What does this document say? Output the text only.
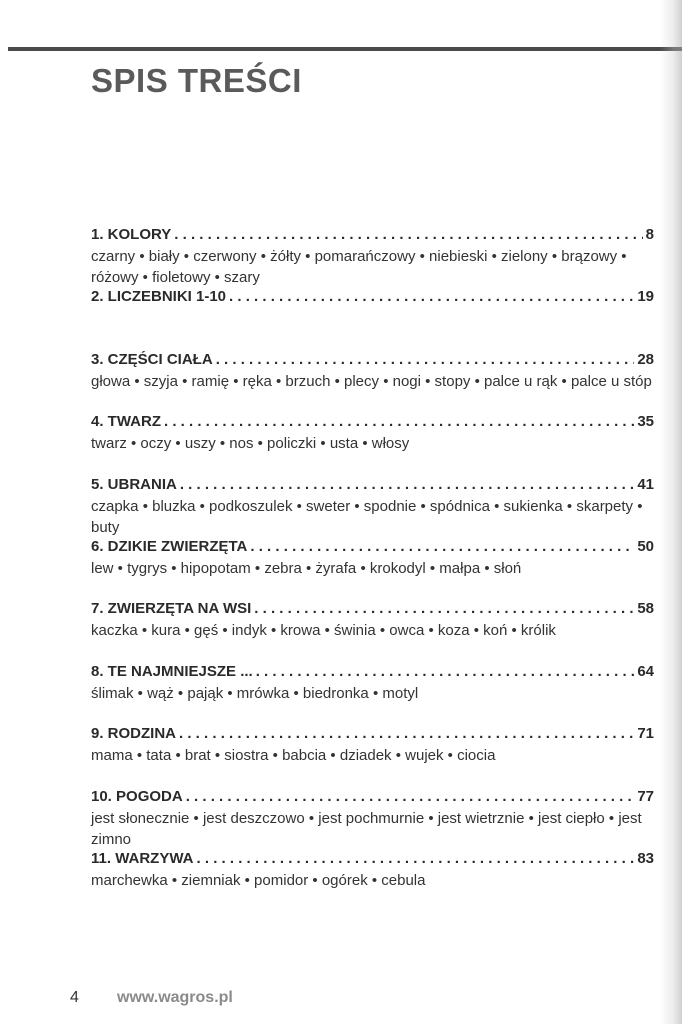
SPIS TREŚCI
1. KOLORY . . .	8
czarny • biały • czerwony • żółty • pomarańczowy • niebieski • zielony • brązowy • różowy • fioletowy • szary
2. LICZEBNIKI 1-10 . . .	19
3. CZĘŚCI CIAŁA . . .	28
głowa • szyja • ramię • ręka • brzuch • plecy • nogi • stopy • palce u rąk • palce u stóp
4. TWARZ . . .	35
twarz • oczy • uszy • nos • policzki • usta • włosy
5. UBRANIA . . .	41
czapka • bluzka • podkoszulek • sweter • spodnie • spódnica • sukienka • skarpety • buty
6. DZIKIE ZWIERZĘTA . . .	50
lew • tygrys • hipopotam • zebra • żyrafa • krokodyl • małpa • słoń
7. ZWIERZĘTA NA WSI . . .	58
kaczka • kura • gęś • indyk • krowa • świnia • owca • koza • koń • królik
8. TE NAJMNIEJSZE ... . . .	64
ślimak • wąż • pająk • mrówka • biedronka • motyl
9. RODZINA . . .	71
mama • tata • brat • siostra • babcia • dziadek • wujek • ciocia
10. POGODA . . .	77
jest słonecznie • jest deszczowo • jest pochmurnie • jest wietrznie • jest ciepło • jest zimno
11. WARZYWA . . .	83
marchewka • ziemniak • pomidor • ogórek • cebula
4 www.wagros.pl
